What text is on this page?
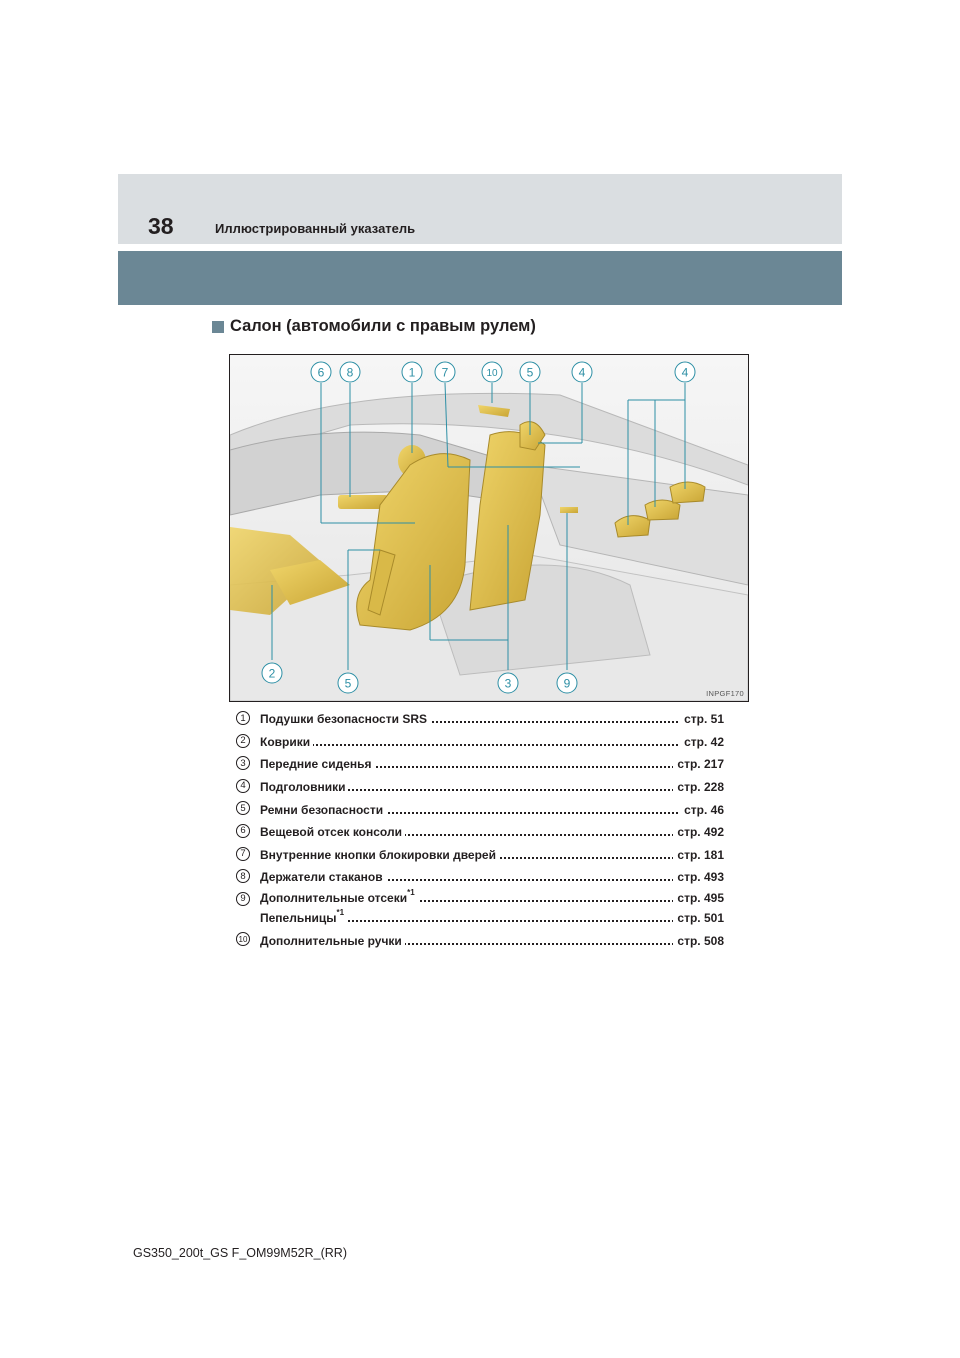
38	Иллюстрированный указатель
Салон (автомобили с правым рулем)
6 8	1 7	10 5	4	4
2
5	3	9
INPGF170
1	Подушки безопасности SRS	стр. 51
2	Коврики	стр. 42
3	Передние сиденья	стр. 217
4	Подголовники	стр. 228
5	Ремни безопасности	стр. 46
6	Вещевой отсек консоли	стр. 492
7	Внутренние кнопки блокировки дверей	стр. 181
8	Держатели стаканов	стр. 493
9	Дополнительные отсеки$^{*1}$	стр. 495
Пепельницы$^{*1}$	стр. 501
10 Дополнительные ручки	стр. 508
GS350_200t_GS F_OM99M52R_(RR)
